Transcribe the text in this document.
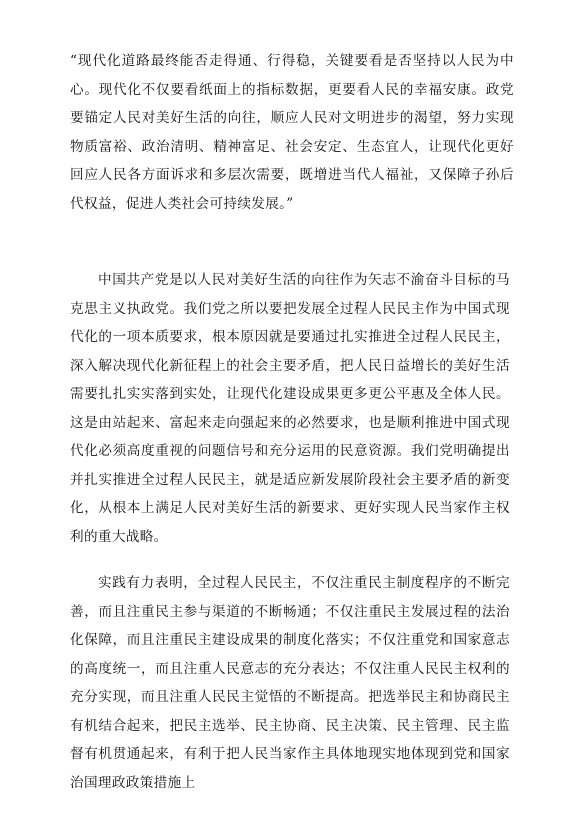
“现代化道路最终能否走得通、行得稳，关键要看是否坚持以人民为中心。现代化不仅要看纸面上的指标数据，更要看人民的幸福安康。政党要锚定人民对美好生活的向往，顺应人民对文明进步的渴望，努力实现物质富裕、政治清明、精神富足、社会安定、生态宜人，让现代化更好回应人民各方面诉求和多层次需要，既增进当代人福祉，又保障子孙后代权益，促进人类社会可持续发展。”

中国共产党是以人民对美好生活的向往作为矢志不渝奋斗目标的马克思主义执政党。我们党之所以要把发展全过程人民民主作为中国式现代化的一项本质要求，根本原因就是要通过扎实推进全过程人民民主，深入解决现代化新征程上的社会主要矛盾，把人民日益增长的美好生活需要扎扎实实落到实处，让现代化建设成果更多更公平惠及全体人民。这是由站起来、富起来走向强起来的必然要求，也是顺利推进中国式现代化必须高度重视的问题信号和充分运用的民意资源。我们党明确提出并扎实推进全过程人民民主，就是适应新发展阶段社会主要矛盾的新变化，从根本上满足人民对美好生活的新要求、更好实现人民当家作主权利的重大战略。

实践有力表明，全过程人民民主，不仅注重民主制度程序的不断完善，而且注重民主参与渠道的不断畅通；不仅注重民主发展过程的法治化保障，而且注重民主建设成果的制度化落实；不仅注重党和国家意志的高度统一，而且注重人民意志的充分表达；不仅注重人民民主权利的充分实现，而且注重人民民主觉悟的不断提高。把选举民主和协商民主有机结合起来，把民主选举、民主协商、民主决策、民主管理、民主监督有机贯通起来，有利于把人民当家作主具体地现实地体现到党和国家治国理政政策措施上
